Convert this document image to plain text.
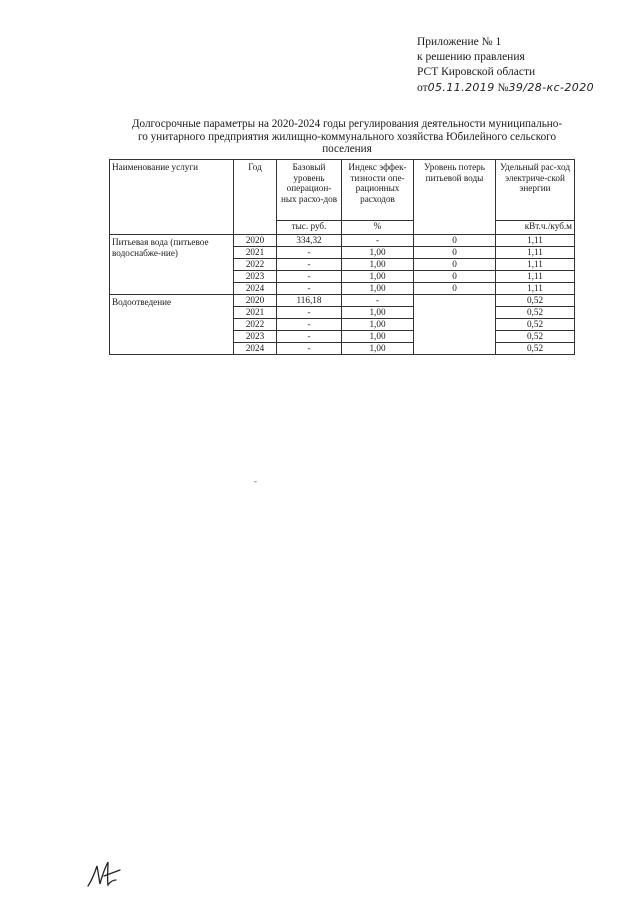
Приложение № 1
к решению правления
РСТ Кировской области
от05.11.2019 №39/28-кс-2020
Долгосрочные параметры на 2020-2024 годы регулирования деятельности муниципально-
го унитарного предприятия жилищно-коммунального хозяйства Юбилейного сельского
поселения
Наименование услуги	Год	Базовый уровень операцион-ных расхо-дов	Индекс эффек-тизности опе-рационных расходов	Уровень потерь питьевой воды	Удельный рас-ход электриче-ской энергии
		тыс. руб.	%		кВт.ч./куб.м
Питьевая вода (питьевое водоснабже-ние)	2020	334,32	-	0	1,11
	2021	-	1,00	0	1,11
	2022	-	1,00	0	1,11
	2023	-	1,00	0	1,11
	2024	-	1,00	0	1,11
Водоотведение	2020	116,18	-		0,52
	2021	-	1,00		0,52
	2022	-	1,00		0,52
	2023	-	1,00		0,52
	2024	-	1,00		0,52
-
